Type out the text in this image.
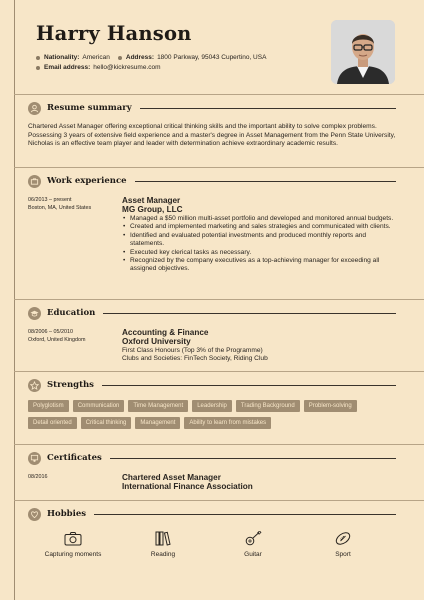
Harry Hanson
Nationality: American Address: 1800 Parkway, 95043 Cupertino, USA
Email address: hello@kickresume.com
Resume summary
Chartered Asset Manager offering exceptional critical thinking skills and the important ability to solve complex problems. Possessing 3 years of extensive field experience and a master's degree in Asset Management from the Penn State University, Nicholas is an effective team player and leader with determination achieve extraordinary academic results.
Work experience
06/2013 – present
Boston, MA, United States
Asset Manager
MG Group, LLC
• Managed a $50 million multi-asset portfolio and developed and monitored annual budgets.
• Created and implemented marketing and sales strategies and communicated with clients.
• Identified and evaluated potential investments and produced monthly reports and statements.
• Executed key clerical tasks as necessary.
• Recognized by the company executives as a top-achieving manager for exceeding all assigned objectives.
Education
08/2006 – 05/2010
Oxford, United Kingdom
Accounting & Finance
Oxford University
First Class Honours (Top 3% of the Programme)
Clubs and Societies: FinTech Society, Riding Club
Strengths
Polyglotism	Communication	Time Management	Leadership	Trading Background	Problem-solving
Detail oriented	Critical thinking	Management	Ability to learn from mistakes
Certificates
08/2016	Chartered Asset Manager
International Finance Association
Hobbies
Capturing moments	Reading	Guitar	Sport
